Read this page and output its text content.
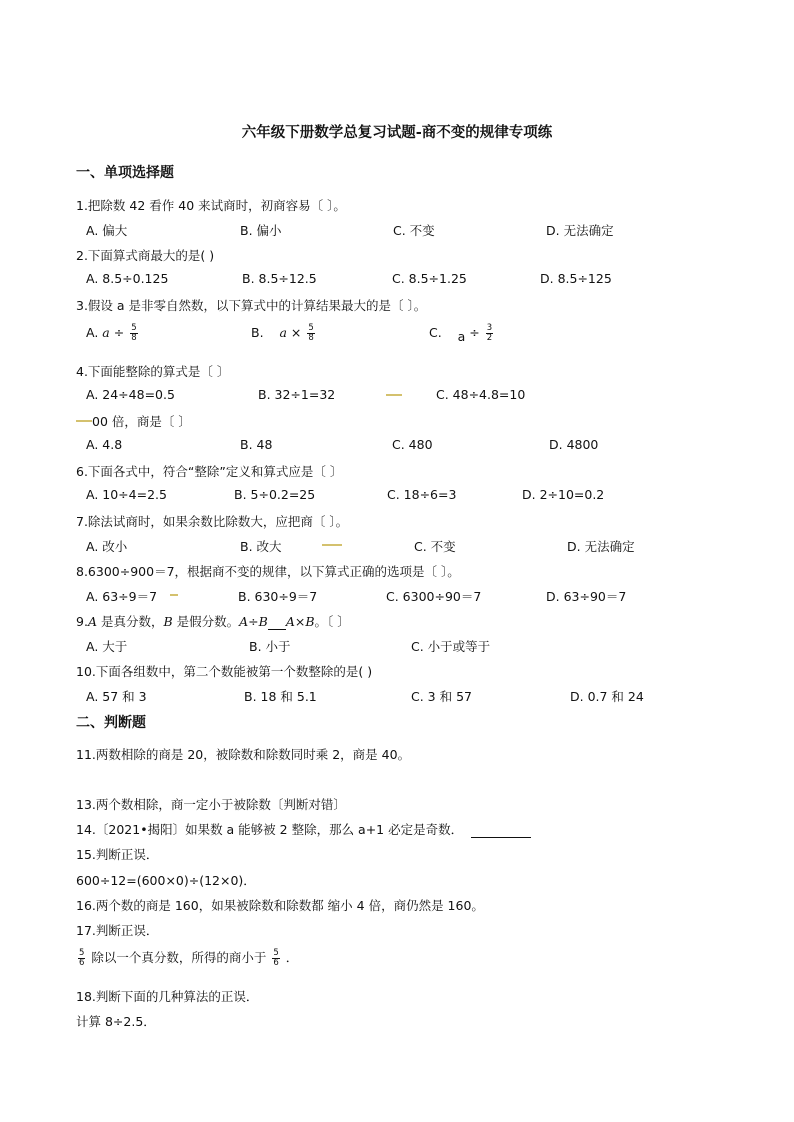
六年级下册数学总复习试题-商不变的规律专项练
一、单项选择题
1.把除数 42 看作 40 来试商时，初商容易〔 〕。
A. 偏大	B. 偏小	C. 不变	D. 无法确定
2.下面算式商最大的是( )
A. 8.5÷0.125	B. 8.5÷12.5	C. 8.5÷1.25	D. 8.5÷125
3.假设 a 是非零自然数，以下算式中的计算结果最大的是〔 〕。
A. $a \div \frac{5}{8}$	B. $a \times \frac{5}{8}$	C. $a \div \frac{3}{2}$
4.下面能整除的算式是〔 〕
A. 24÷48=0.5	B. 32÷1=32	C. 48÷4.8=10
00 倍，商是〔 〕
A. 4.8	B. 48	C. 480	D. 4800
6.下面各式中，符合“整除”定义和算式应是〔 〕
A. 10÷4=2.5	B. 5÷0.2=25	C. 18÷6=3	D. 2÷10=0.2
7.除法试商时，如果余数比除数大，应把商〔 〕。
A. 改小	B. 改大	C. 不变	D. 无法确定
8.6300÷900＝7，根据商不变的规律，以下算式正确的选项是〔 〕。
A. 63÷9＝7	B. 630÷9＝7	C. 6300÷90＝7	D. 63÷90＝7
9.A 是真分数，B 是假分数。A÷B A×B。〔 〕
A. 大于	B. 小于	C. 小于或等于
10.下面各组数中，第二个数能被第一个数整除的是( )
A. 57 和 3	B. 18 和 5.1	C. 3 和 57	D. 0.7 和 24
二、判断题
11.两数相除的商是 20，被除数和除数同时乘 2，商是 40。
13.两个数相除，商一定小于被除数〔判断对错〕
14.〔2021•揭阳〕如果数 a 能够被 2 整除，那么 a+1 必定是奇数．
15.判断正误．
600÷12=(600×0)÷(12×0)．
16.两个数的商是 160，如果被除数和除数都 缩小 4 倍，商仍然是 160。
17.判断正误．
$\frac{5}{6}$ 除以一个真分数，所得的商小于 $\frac{5}{6}$ ．
18.判断下面的几种算法的正误．
计算 8÷2.5．
